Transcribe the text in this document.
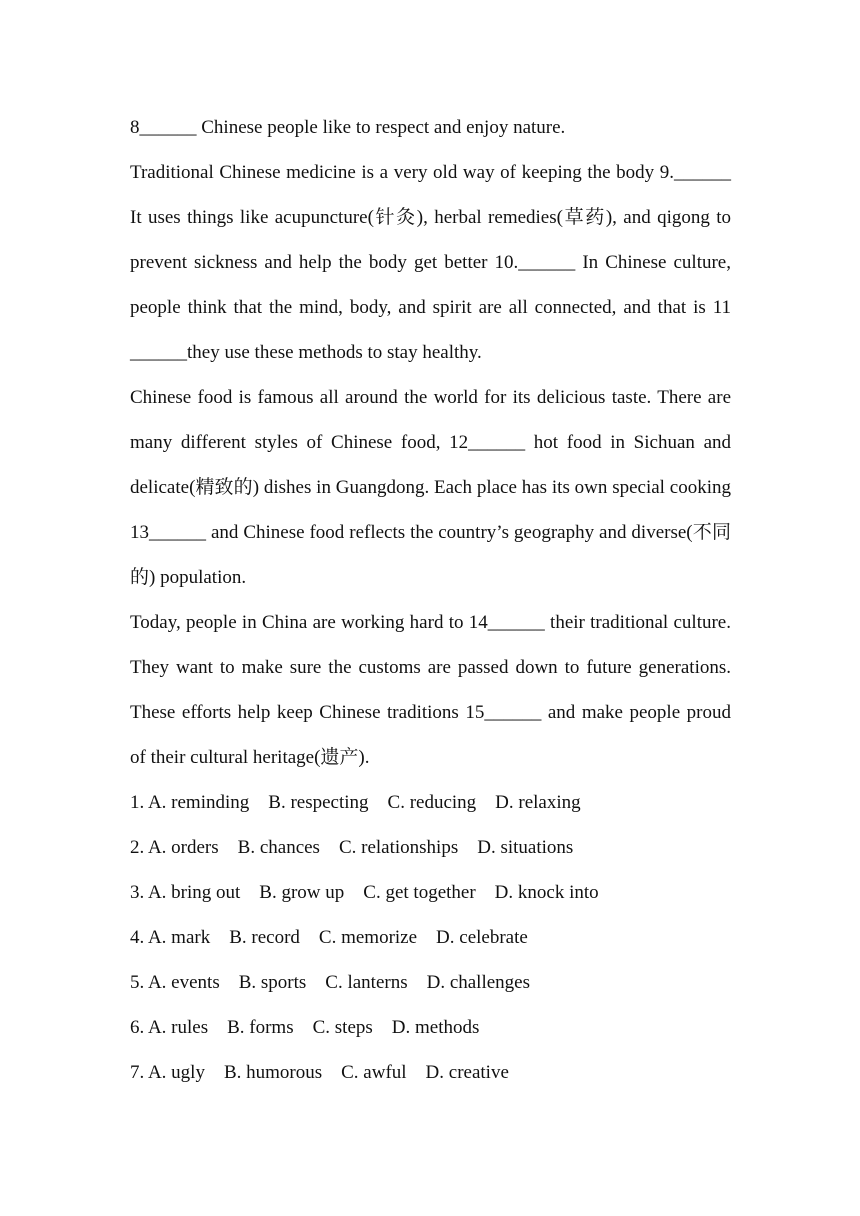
8______ Chinese people like to respect and enjoy nature.

Traditional Chinese medicine is a very old way of keeping the body 9.______ It uses things like acupuncture(针灸), herbal remedies(草药), and qigong to prevent sickness and help the body get better 10.______ In Chinese culture, people think that the mind, body, and spirit are all connected, and that is 11 ______they use these methods to stay healthy.

Chinese food is famous all around the world for its delicious taste. There are many different styles of Chinese food, 12______ hot food in Sichuan and delicate(精致的) dishes in Guangdong. Each place has its own special cooking 13______ and Chinese food reflects the country’s geography and diverse(不同的) population.

Today, people in China are working hard to 14______ their traditional culture. They want to make sure the customs are passed down to future generations. These efforts help keep Chinese traditions 15______ and make people proud of their cultural heritage(遗产).

1. A. reminding    B. respecting    C. reducing    D. relaxing

2. A. orders    B. chances    C. relationships    D. situations

3. A. bring out    B. grow up    C. get together    D. knock into

4. A. mark    B. record    C. memorize    D. celebrate

5. A. events    B. sports    C. lanterns    D. challenges

6. A. rules    B. forms    C. steps    D. methods

7. A. ugly    B. humorous    C. awful    D. creative
